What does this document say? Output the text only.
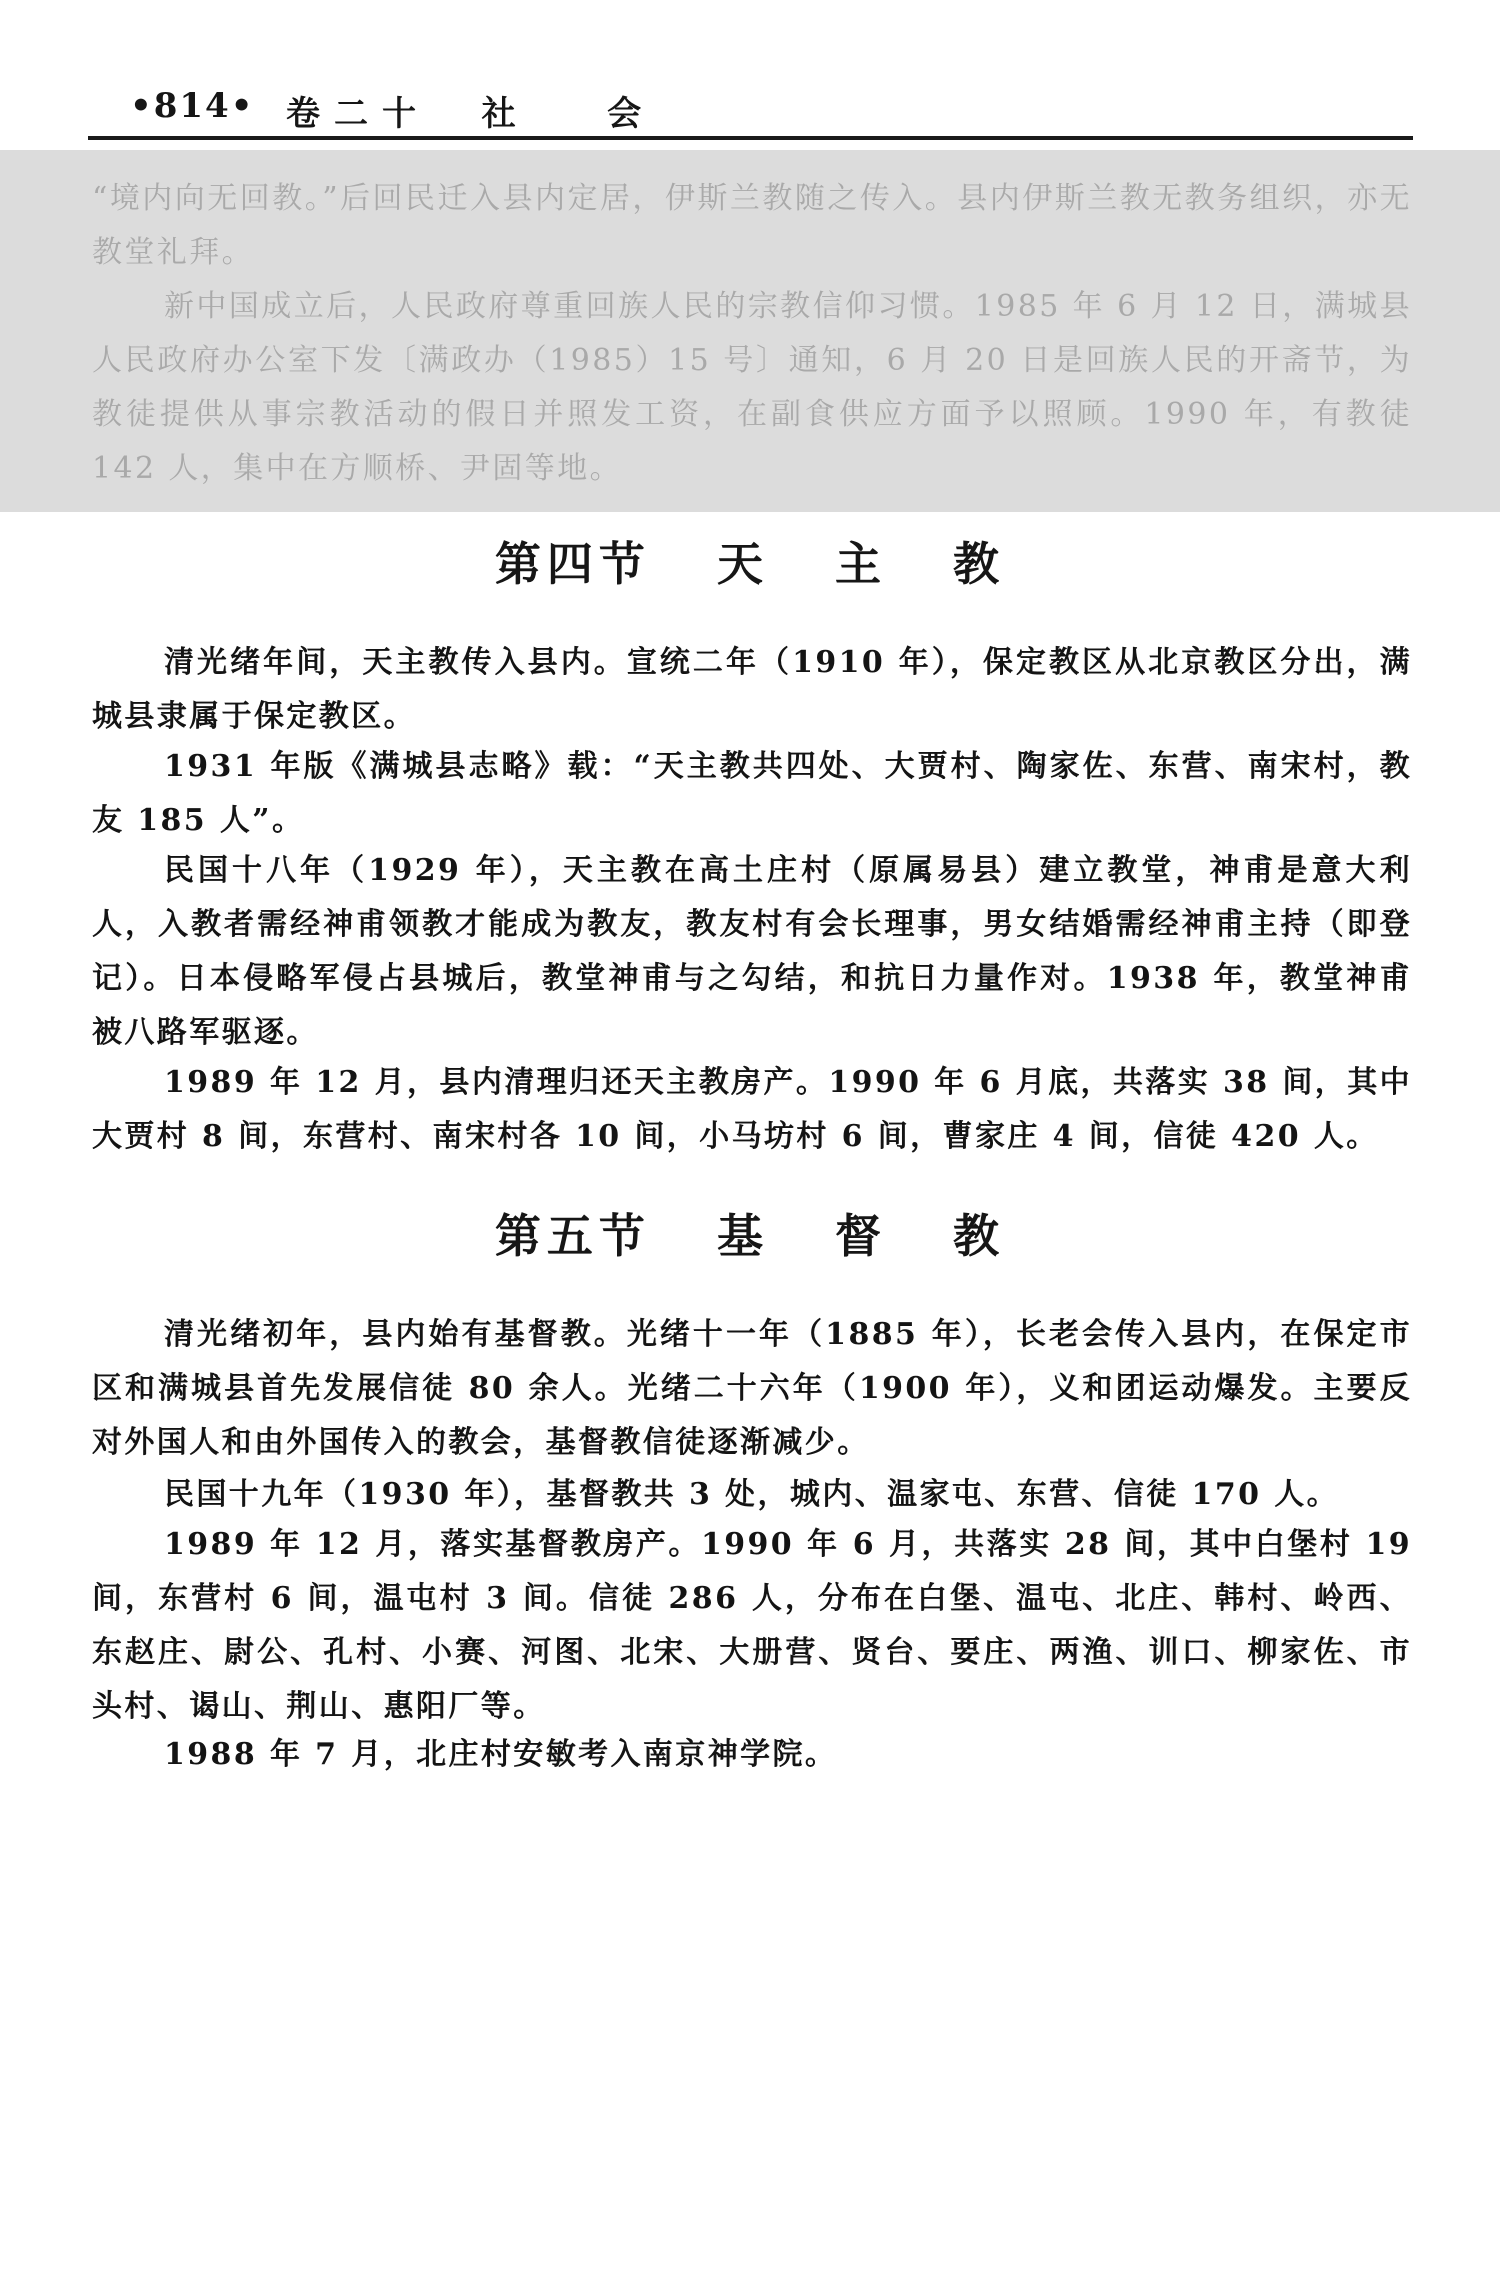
•814• 卷二十  社   会

“境内向无回教。”后回民迁入县内定居，伊斯兰教随之传入。县内伊斯兰教无教务组织，亦无教堂礼拜。

新中国成立后，人民政府尊重回族人民的宗教信仰习惯。1985 年 6 月 12 日，满城县人民政府办公室下发〔满政办（1985）15 号〕通知，6 月 20 日是回族人民的开斋节，为教徒提供从事宗教活动的假日并照发工资，在副食供应方面予以照顾。1990 年，有教徒 142 人，集中在方顺桥、尹固等地。

第四节   天   主   教

清光绪年间，天主教传入县内。宣统二年（1910 年），保定教区从北京教区分出，满城县隶属于保定教区。

1931 年版《满城县志略》载：“天主教共四处、大贾村、陶家佐、东营、南宋村，教友 185 人”。

民国十八年（1929 年），天主教在高土庄村（原属易县）建立教堂，神甫是意大利人，入教者需经神甫领教才能成为教友，教友村有会长理事，男女结婚需经神甫主持（即登记）。日本侵略军侵占县城后，教堂神甫与之勾结，和抗日力量作对。1938 年，教堂神甫被八路军驱逐。

1989 年 12 月，县内清理归还天主教房产。1990 年 6 月底，共落实 38 间，其中大贾村 8 间，东营村、南宋村各 10 间，小马坊村 6 间，曹家庄 4 间，信徒 420 人。

第五节   基   督   教

清光绪初年，县内始有基督教。光绪十一年（1885 年），长老会传入县内，在保定市区和满城县首先发展信徒 80 余人。光绪二十六年（1900 年），义和团运动爆发。主要反对外国人和由外国传入的教会，基督教信徒逐渐减少。

民国十九年（1930 年），基督教共 3 处，城内、温家屯、东营、信徒 170 人。

1989 年 12 月，落实基督教房产。1990 年 6 月，共落实 28 间，其中白堡村 19 间，东营村 6 间，温屯村 3 间。信徒 286 人，分布在白堡、温屯、北庄、韩村、岭西、东赵庄、尉公、孔村、小赛、河图、北宋、大册营、贤台、要庄、两渔、训口、柳家佐、市头村、谒山、荆山、惠阳厂等。

1988 年 7 月，北庄村安敏考入南京神学院。
